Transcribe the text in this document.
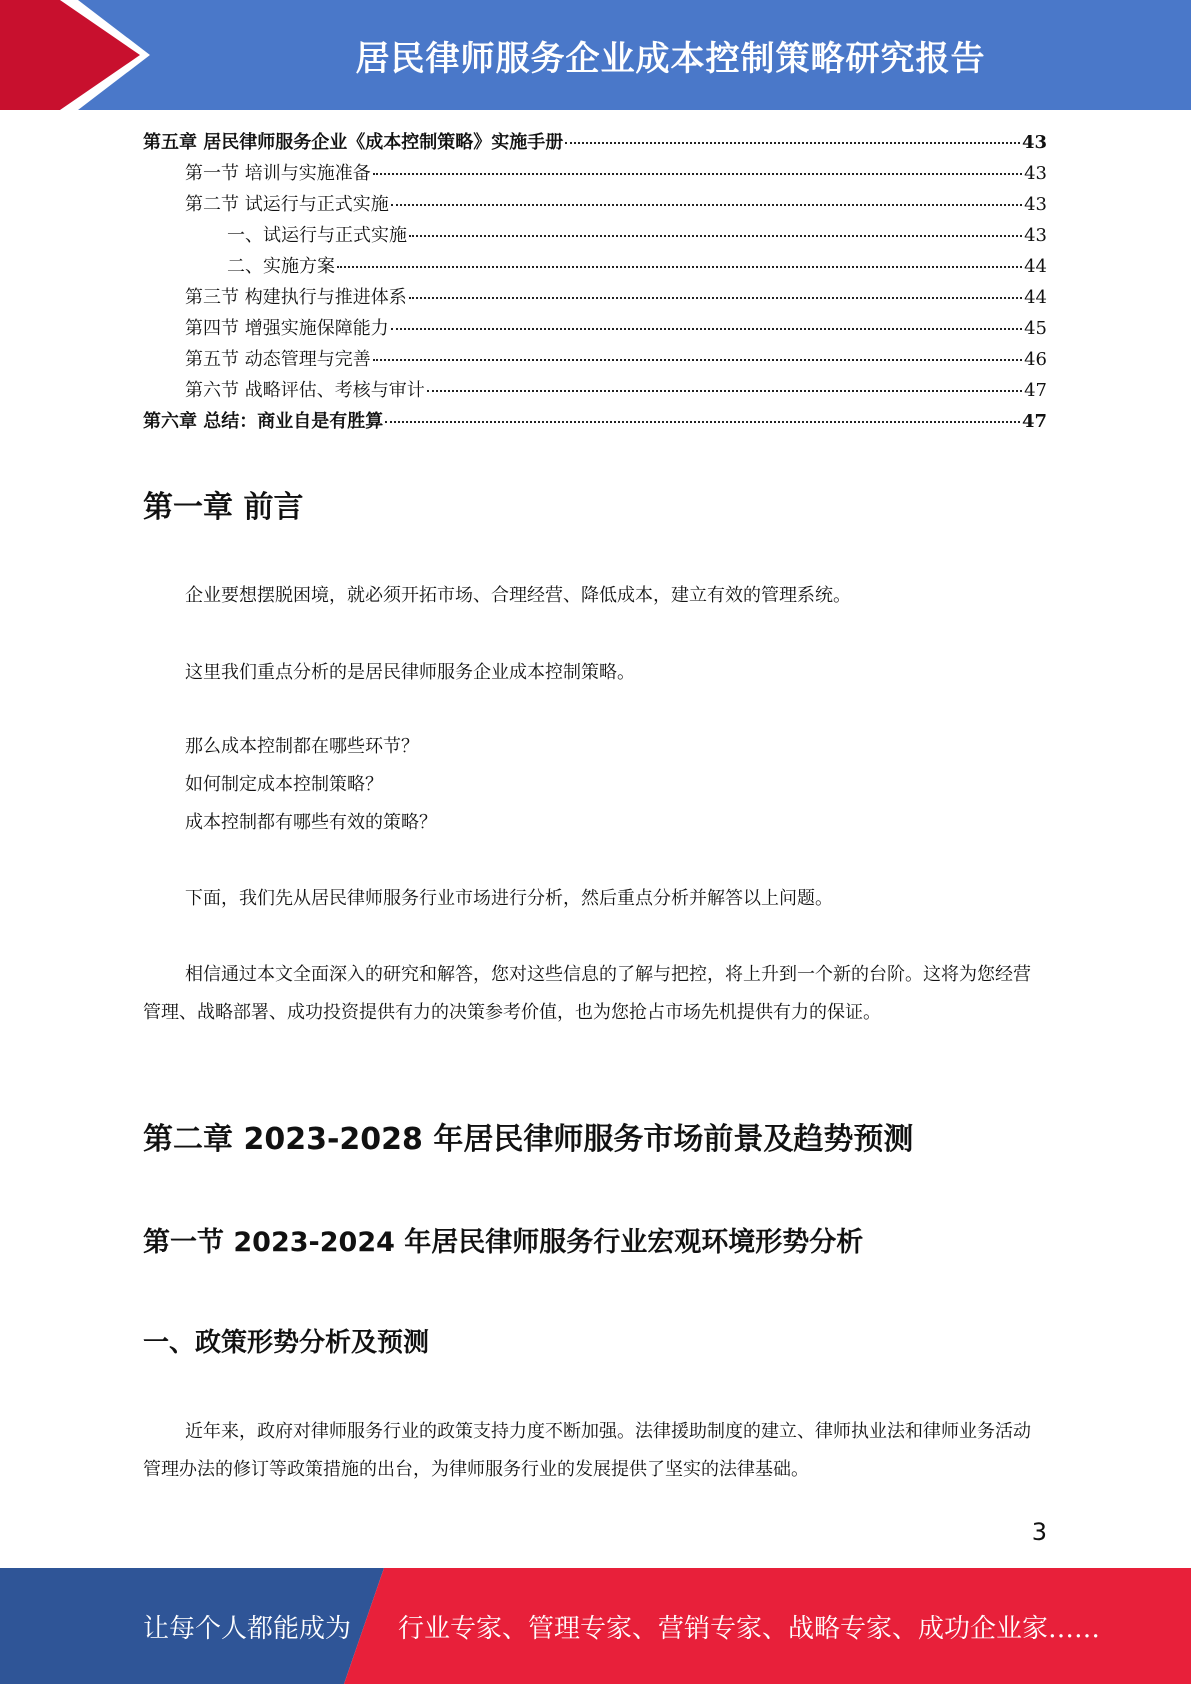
居民律师服务企业成本控制策略研究报告
第五章 居民律师服务企业《成本控制策略》实施手册	43
第一节 培训与实施准备	43
第二节 试运行与正式实施	43
一、试运行与正式实施	43
二、实施方案	44
第三节 构建执行与推进体系	44
第四节 增强实施保障能力	45
第五节 动态管理与完善	46
第六节 战略评估、考核与审计	47
第六章 总结：商业自是有胜算	47
第一章 前言

企业要想摆脱困境，就必须开拓市场、合理经营、降低成本，建立有效的管理系统。

这里我们重点分析的是居民律师服务企业成本控制策略。

那么成本控制都在哪些环节？

如何制定成本控制策略？

成本控制都有哪些有效的策略？

下面，我们先从居民律师服务行业市场进行分析，然后重点分析并解答以上问题。

相信通过本文全面深入的研究和解答，您对这些信息的了解与把控，将上升到一个新的台阶。这将为您经营管理、战略部署、成功投资提供有力的决策参考价值，也为您抢占市场先机提供有力的保证。

第二章 2023-2028 年居民律师服务市场前景及趋势预测
第一节 2023-2024 年居民律师服务行业宏观环境形势分析
一、政策形势分析及预测

近年来，政府对律师服务行业的政策支持力度不断加强。法律援助制度的建立、律师执业法和律师业务活动管理办法的修订等政策措施的出台，为律师服务行业的发展提供了坚实的法律基础。

3
让每个人都能成为 行业专家、管理专家、营销专家、战略专家、成功企业家……
